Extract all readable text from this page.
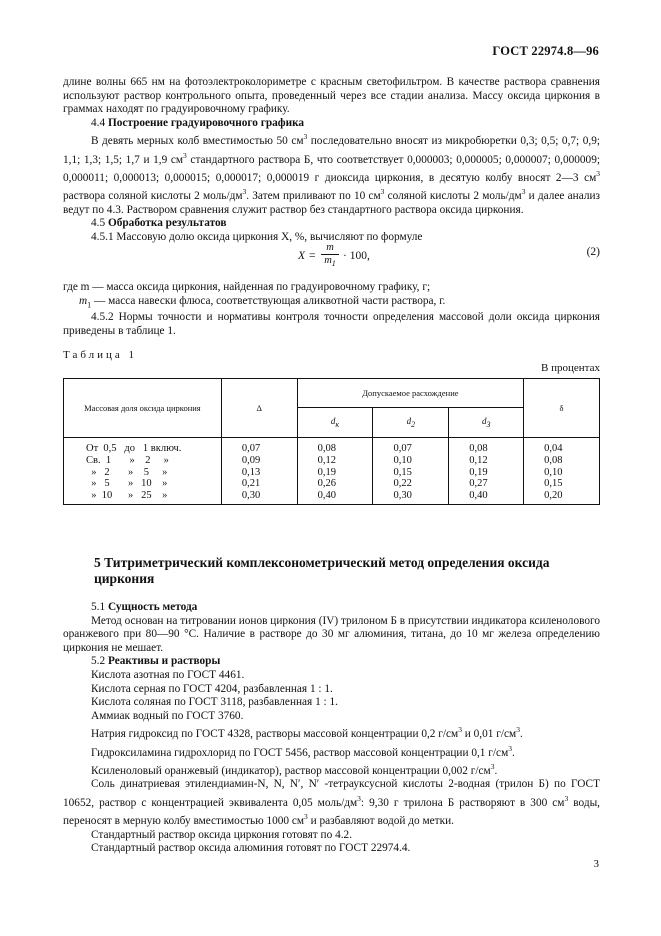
ГОСТ 22974.8—96

длине волны 665 нм на фотоэлектроколориметре с красным светофильтром. В качестве раствора сравнения используют раствор контрольного опыта, проведенный через все стадии анализа. Массу оксида циркония в граммах находят по градуировочному графику.

4.4 Построение градуировочного графика

В девять мерных колб вместимостью 50 $см^3$ последовательно вносят из микробюретки 0,3; 0,5; 0,7; 0,9; 1,1; 1,3; 1,5; 1,7 и 1,9 $см^3$ стандартного раствора Б, что соответствует 0,000003; 0,000005; 0,000007; 0,000009; 0,000011; 0,000013; 0,000015; 0,000017; 0,000019 г диоксида циркония, в десятую колбу вносят 2—3 $см^3$ раствора соляной кислоты 2 моль/$дм^3$. Затем приливают по 10 $см^3$ соляной кислоты 2 моль/$дм^3$ и далее анализ ведут по 4.3. Раствором сравнения служит раствор без стандартного раствора оксида циркония.

4.5 Обработка результатов

4.5.1 Массовую долю оксида циркония X, %, вычисляют по формуле

X =
m
$m_1$
· 100,	(2)

где m — масса оксида циркония, найденная по градуировочному графику, г;

$m_1$ — масса навески флюса, соответствующая аликвотной части раствора, г.

4.5.2 Нормы точности и нормативы контроля точности определения массовой доли оксида циркония приведены в таблице 1.

Таблица 1
В процентах
Массовая доля оксида циркония	Δ	Допускаемое расхождение			δ
		dк	d2	d3	
От  0,5   до   1 включ.	0,07	0,08	0,07	0,08	0,04
Св.  1       »    2     »	0,09	0,12	0,10	0,12	0,08
»   2       »    5     »	0,13	0,19	0,15	0,19	0,10
»   5       »   10    »	0,21	0,26	0,22	0,27	0,15
»  10      »   25    »	0,30	0,40	0,30	0,40	0,20
5 Титриметрический комплексонометрический метод определения оксида циркония

5.1 Сущность метода

Метод основан на титровании ионов циркония (IV) трилоном Б в присутствии индикатора ксиленолового оранжевого при 80—90 °С. Наличие в растворе до 30 мг алюминия, титана, до 10 мг железа определению циркония не мешает.

5.2 Реактивы и растворы

Кислота азотная по ГОСТ 4461.

Кислота серная по ГОСТ 4204, разбавленная 1 : 1.

Кислота соляная по ГОСТ 3118, разбавленная 1 : 1.

Аммиак водный по ГОСТ 3760.

Натрия гидроксид по ГОСТ 4328, растворы массовой концентрации 0,2 $г/см^3$ и 0,01 $г/см^3$.

Гидроксиламина гидрохлорид по ГОСТ 5456, раствор массовой концентрации 0,1 $г/см^3$.

Ксиленоловый оранжевый (индикатор), раствор массовой концентрации 0,002 $г/см^3$.

Соль динатриевая этилендиамин-N, N, N′, N′ -тетрауксусной кислоты 2-водная (трилон Б) по ГОСТ 10652, раствор с концентрацией эквивалента 0,05 моль/$дм^3$: 9,30 г трилона Б растворяют в 300 $см^3$ воды, переносят в мерную колбу вместимостью 1000 $см^3$ и разбавляют водой до метки.

Стандартный раствор оксида циркония готовят по 4.2.

Стандартный раствор оксида алюминия готовят по ГОСТ 22974.4.

3
